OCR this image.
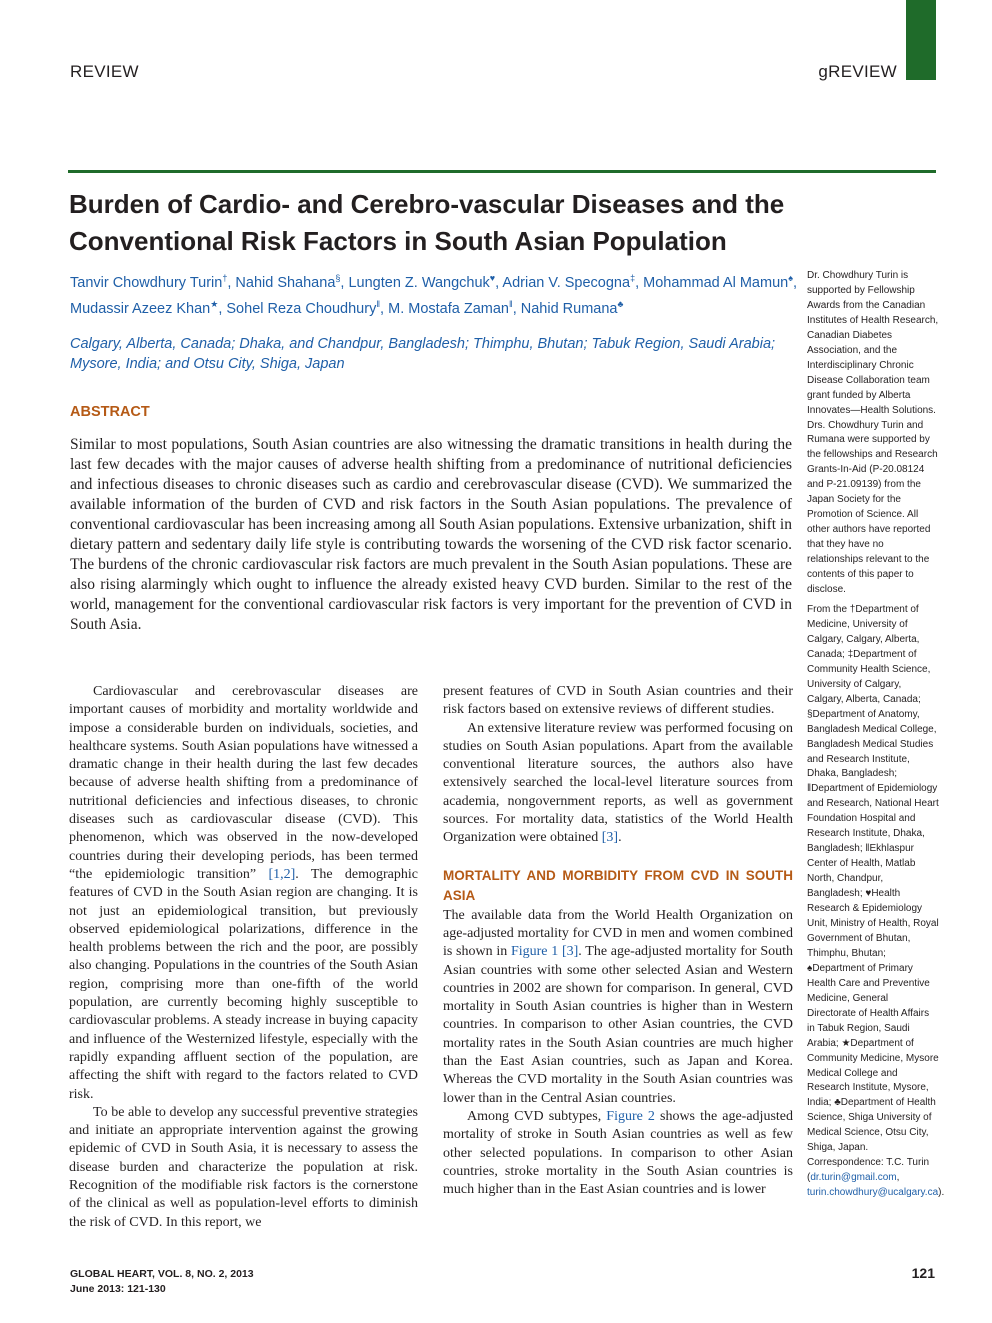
REVIEW	gREVIEW
Burden of Cardio- and Cerebro-vascular Diseases and the Conventional Risk Factors in South Asian Population
Tanvir Chowdhury Turin†, Nahid Shahana§, Lungten Z. Wangchuk♥, Adrian V. Specogna‡, Mohammad Al Mamun♠, Mudassir Azeez Khan★, Sohel Reza Choudhury‖, M. Mostafa Zaman‖, Nahid Rumana♣
Calgary, Alberta, Canada; Dhaka, and Chandpur, Bangladesh; Thimphu, Bhutan; Tabuk Region, Saudi Arabia; Mysore, India; and Otsu City, Shiga, Japan
ABSTRACT

Similar to most populations, South Asian countries are also witnessing the dramatic transitions in health during the last few decades with the major causes of adverse health shifting from a predominance of nutritional deficiencies and infectious diseases to chronic diseases such as cardio and cerebrovascular disease (CVD). We summarized the available information of the burden of CVD and risk factors in the South Asian populations. The prevalence of conventional cardiovascular has been increasing among all South Asian populations. Extensive urbanization, shift in dietary pattern and sedentary daily life style is contributing towards the worsening of the CVD risk factor scenario. The burdens of the chronic cardiovascular risk factors are much prevalent in the South Asian populations. These are also rising alarmingly which ought to influence the already existed heavy CVD burden. Similar to the rest of the world, management for the conventional cardiovascular risk factors is very important for the prevention of CVD in South Asia.

Cardiovascular and cerebrovascular diseases are important causes of morbidity and mortality worldwide and impose a considerable burden on individuals, societies, and healthcare systems. South Asian populations have witnessed a dramatic change in their health during the last few decades because of adverse health shifting from a predominance of nutritional deficiencies and infectious diseases, to chronic diseases such as cardiovascular disease (CVD). This phenomenon, which was observed in the now-developed countries during their developing periods, has been termed “the epidemiologic transition” [1,2]. The demographic features of CVD in the South Asian region are changing. It is not just an epidemiological transition, but previously observed epidemiological polarizations, difference in the health problems between the rich and the poor, are possibly also changing. Populations in the countries of the South Asian region, comprising more than one-fifth of the world population, are currently becoming highly susceptible to cardiovascular problems. A steady increase in buying capacity and influence of the Westernized lifestyle, especially with the rapidly expanding affluent section of the population, are affecting the shift with regard to the factors related to CVD risk.

To be able to develop any successful preventive strategies and initiate an appropriate intervention against the growing epidemic of CVD in South Asia, it is necessary to assess the disease burden and characterize the population at risk. Recognition of the modifiable risk factors is the cornerstone of the clinical as well as population-level efforts to diminish the risk of CVD. In this report, we

present features of CVD in South Asian countries and their risk factors based on extensive reviews of different studies.

An extensive literature review was performed focusing on studies on South Asian populations. Apart from the available conventional literature sources, the authors also have extensively searched the local-level literature sources from academia, nongovernment reports, as well as government sources. For mortality data, statistics of the World Health Organization were obtained [3].

MORTALITY AND MORBIDITY FROM CVD IN SOUTH ASIA

The available data from the World Health Organization on age-adjusted mortality for CVD in men and women combined is shown in Figure 1 [3]. The age-adjusted mortality for South Asian countries with some other selected Asian and Western countries in 2002 are shown for comparison. In general, CVD mortality in South Asian countries is higher than in Western countries. In comparison to other Asian countries, the CVD mortality rates in the South Asian countries are much higher than the East Asian countries, such as Japan and Korea. Whereas the CVD mortality in the South Asian countries was lower than in the Central Asian countries.

Among CVD subtypes, Figure 2 shows the age-adjusted mortality of stroke in South Asian countries as well as few other selected populations. In comparison to other Asian countries, stroke mortality in the South Asian countries is much higher than in the East Asian countries and is lower

Dr. Chowdhury Turin is supported by Fellowship Awards from the Canadian Institutes of Health Research, Canadian Diabetes Association, and the Interdisciplinary Chronic Disease Collaboration team grant funded by Alberta Innovates—Health Solutions. Drs. Chowdhury Turin and Rumana were supported by the fellowships and Research Grants-In-Aid (P-20.08124 and P-21.09139) from the Japan Society for the Promotion of Science. All other authors have reported that they have no relationships relevant to the contents of this paper to disclose.

From the †Department of Medicine, University of Calgary, Calgary, Alberta, Canada; ‡Department of Community Health Science, University of Calgary, Calgary, Alberta, Canada; §Department of Anatomy, Bangladesh Medical College, Bangladesh Medical Studies and Research Institute, Dhaka, Bangladesh; ‖Department of Epidemiology and Research, National Heart Foundation Hospital and Research Institute, Dhaka, Bangladesh; ‖Ekhlaspur Center of Health, Matlab North, Chandpur, Bangladesh; ♥Health Research & Epidemiology Unit, Ministry of Health, Royal Government of Bhutan, Thimphu, Bhutan; ♠Department of Primary Health Care and Preventive Medicine, General Directorate of Health Affairs in Tabuk Region, Saudi Arabia; ★Department of Community Medicine, Mysore Medical College and Research Institute, Mysore, India; ♣Department of Health Science, Shiga University of Medical Science, Otsu City, Shiga, Japan. Correspondence: T.C. Turin (dr.turin@gmail.com, turin.chowdhury@ucalgary.ca).

GLOBAL HEART, VOL. 8, NO. 2, 2013
June 2013: 121-130
121
